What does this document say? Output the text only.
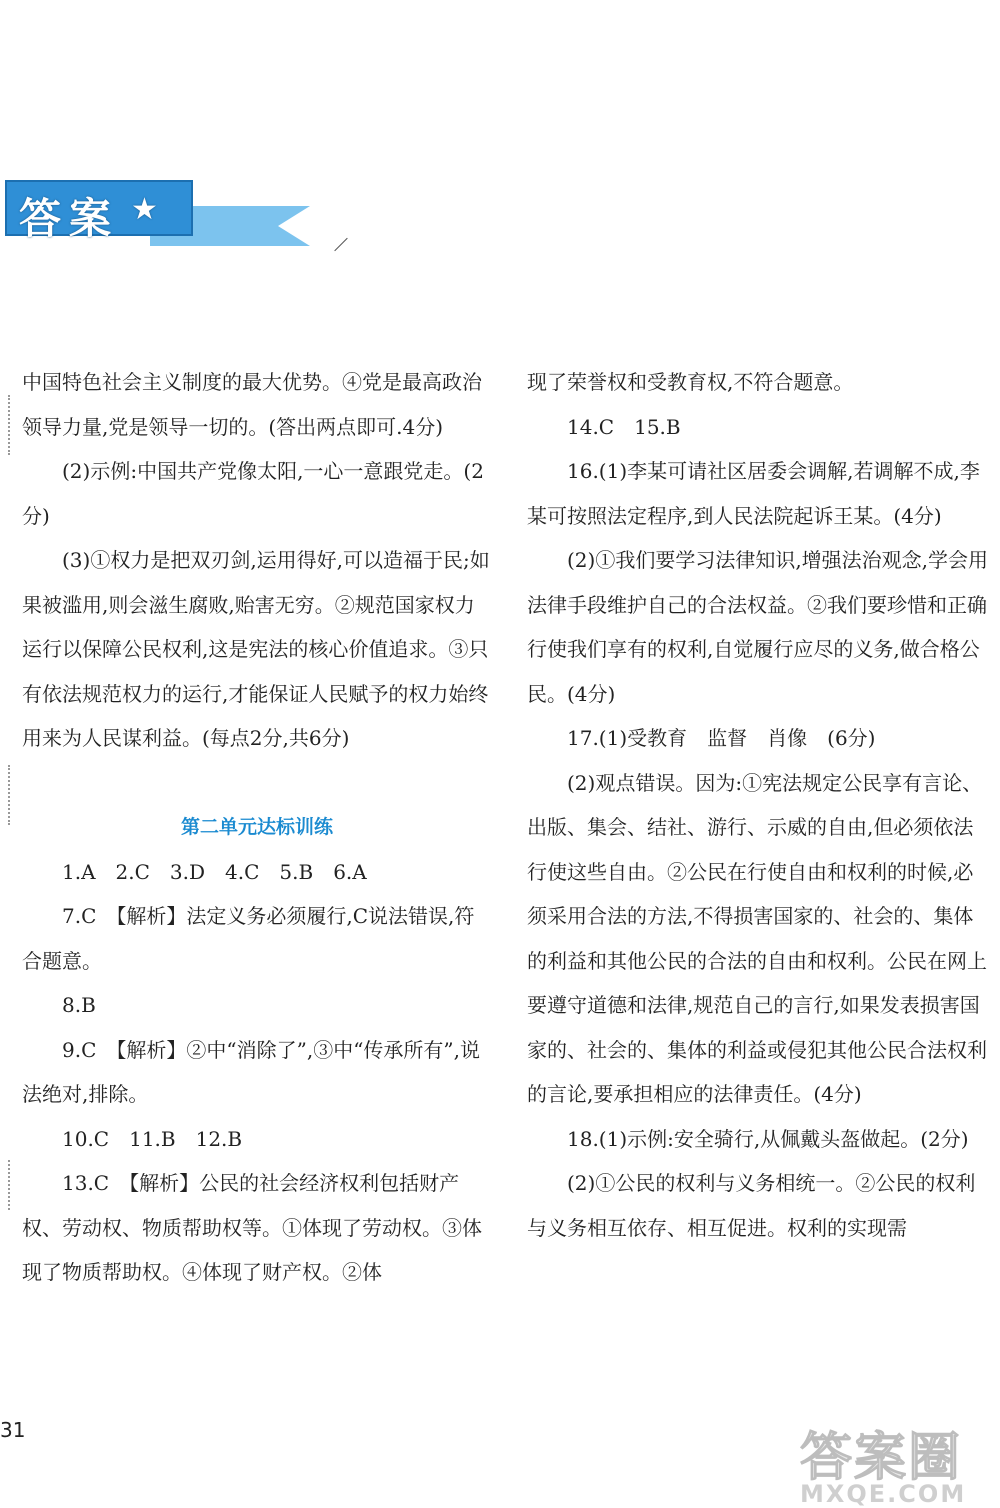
答案 ★

中国特色社会主义制度的最大优势。④党是最高政治领导力量,党是领导一切的。(答出两点即可.4分)

(2)示例:中国共产党像太阳,一心一意跟党走。(2分)

(3)①权力是把双刃剑,运用得好,可以造福于民;如果被滥用,则会滋生腐败,贻害无穷。②规范国家权力运行以保障公民权利,这是宪法的核心价值追求。③只有依法规范权力的运行,才能保证人民赋予的权力始终用来为人民谋利益。(每点2分,共6分)

第二单元达标训练

1.A　2.C　3.D　4.C　5.B　6.A

7.C　【解析】法定义务必须履行,C说法错误,符合题意。

8.B

9.C　【解析】②中“消除了”,③中“传承所有”,说法绝对,排除。

10.C　11.B　12.B

13.C　【解析】公民的社会经济权利包括财产权、劳动权、物质帮助权等。①体现了劳动权。③体现了物质帮助权。④体现了财产权。②体

现了荣誉权和受教育权,不符合题意。

14.C　15.B

16.(1)李某可请社区居委会调解,若调解不成,李某可按照法定程序,到人民法院起诉王某。(4分)

(2)①我们要学习法律知识,增强法治观念,学会用法律手段维护自己的合法权益。②我们要珍惜和正确行使我们享有的权利,自觉履行应尽的义务,做合格公民。(4分)

17.(1)受教育　监督　肖像　(6分)

(2)观点错误。因为:①宪法规定公民享有言论、出版、集会、结社、游行、示威的自由,但必须依法行使这些自由。②公民在行使自由和权利的时候,必须采用合法的方法,不得损害国家的、社会的、集体的利益和其他公民的合法的自由和权利。公民在网上要遵守道德和法律,规范自己的言行,如果发表损害国家的、社会的、集体的利益或侵犯其他公民合法权利的言论,要承担相应的法律责任。(4分)

18.(1)示例:安全骑行,从佩戴头盔做起。(2分)

(2)①公民的权利与义务相统一。②公民的权利与义务相互依存、相互促进。权利的实现需

31	答案圈
MXQE.COM
